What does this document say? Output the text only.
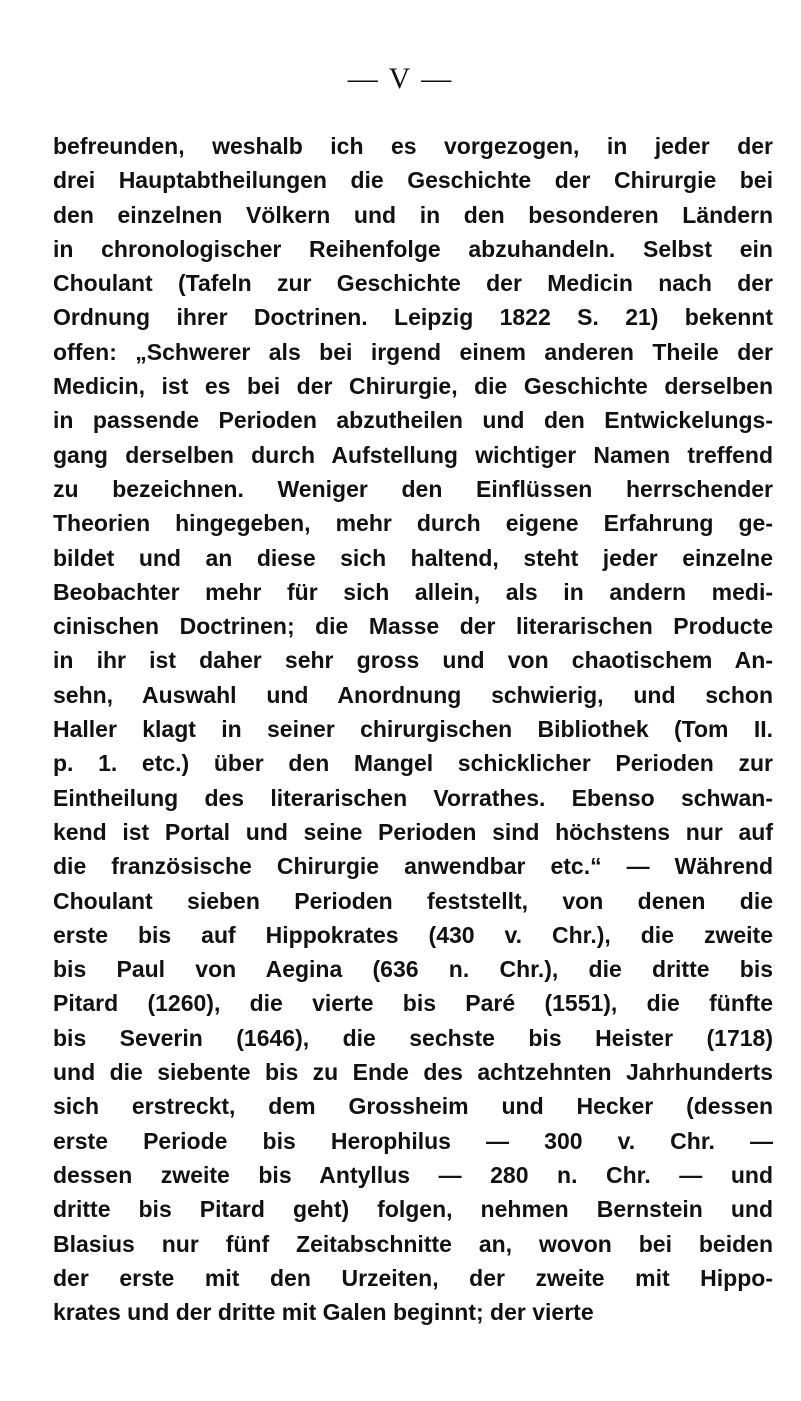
— V —
befreunden, weshalb ich es vorgezogen, in jeder der
drei Hauptabtheilungen die Geschichte der Chirurgie bei
den einzelnen Völkern und in den besonderen Ländern
in chronologischer Reihenfolge abzuhandeln. Selbst ein
Choulant (Tafeln zur Geschichte der Medicin nach der
Ordnung ihrer Doctrinen. Leipzig 1822 S. 21) bekennt
offen: „Schwerer als bei irgend einem anderen Theile der
Medicin, ist es bei der Chirurgie, die Geschichte derselben
in passende Perioden abzutheilen und den Entwickelungs-
gang derselben durch Aufstellung wichtiger Namen treffend
zu bezeichnen. Weniger den Einflüssen herrschender
Theorien hingegeben, mehr durch eigene Erfahrung ge-
bildet und an diese sich haltend, steht jeder einzelne
Beobachter mehr für sich allein, als in andern medi-
cinischen Doctrinen; die Masse der literarischen Producte
in ihr ist daher sehr gross und von chaotischem An-
sehn, Auswahl und Anordnung schwierig, und schon
Haller klagt in seiner chirurgischen Bibliothek (Tom II.
p. 1. etc.) über den Mangel schicklicher Perioden zur
Eintheilung des literarischen Vorrathes. Ebenso schwan-
kend ist Portal und seine Perioden sind höchstens nur auf
die französische Chirurgie anwendbar etc.“ — Während
Choulant sieben Perioden feststellt, von denen die
erste bis auf Hippokrates (430 v. Chr.), die zweite
bis Paul von Aegina (636 n. Chr.), die dritte bis
Pitard (1260), die vierte bis Paré (1551), die fünfte
bis Severin (1646), die sechste bis Heister (1718)
und die siebente bis zu Ende des achtzehnten Jahrhunderts
sich erstreckt, dem Grossheim und Hecker (dessen
erste Periode bis Herophilus — 300 v. Chr. —
dessen zweite bis Antyllus — 280 n. Chr. — und
dritte bis Pitard geht) folgen, nehmen Bernstein und
Blasius nur fünf Zeitabschnitte an, wovon bei beiden
der erste mit den Urzeiten, der zweite mit Hippo-
krates und der dritte mit Galen beginnt; der vierte
